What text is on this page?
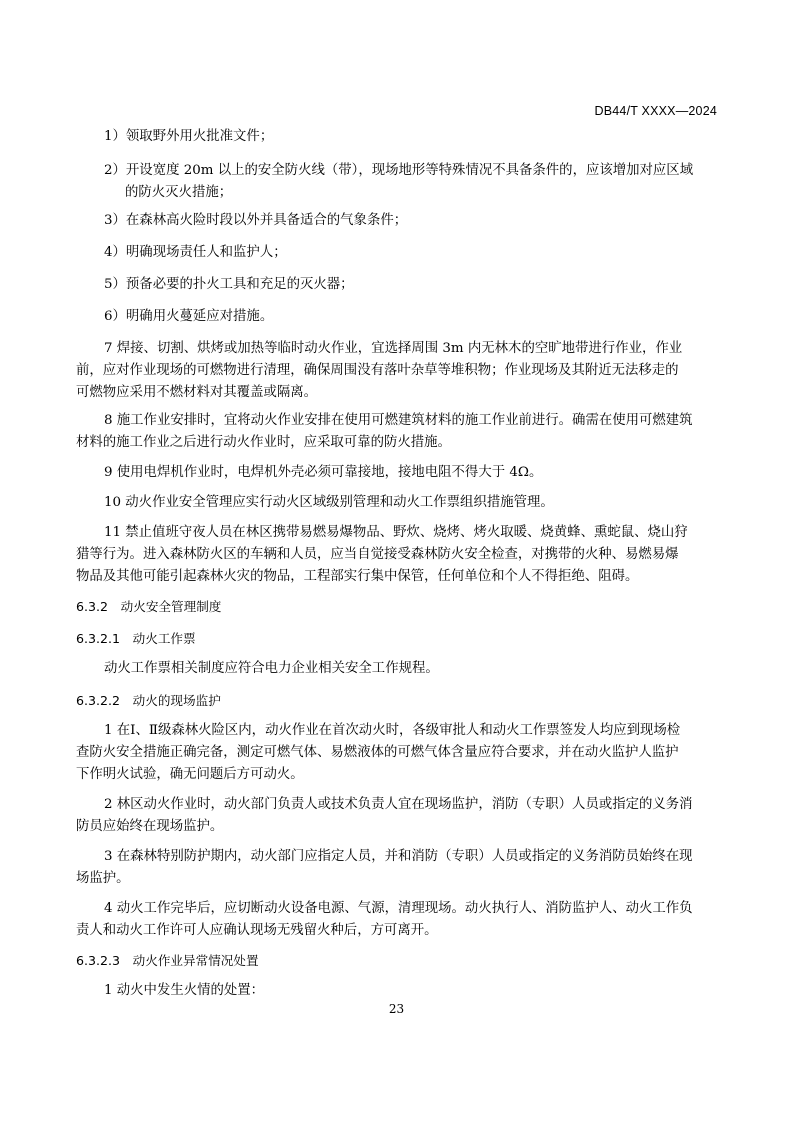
DB44/T XXXX—2024
1）领取野外用火批准文件；
2）开设宽度 20m 以上的安全防火线（带），现场地形等特殊情况不具备条件的，应该增加对应区域
的防火灭火措施；
3）在森林高火险时段以外并具备适合的气象条件；
4）明确现场责任人和监护人；
5）预备必要的扑火工具和充足的灭火器；
6）明确用火蔓延应对措施。
7 焊接、切割、烘烤或加热等临时动火作业，宜选择周围 3m 内无林木的空旷地带进行作业，作业
前，应对作业现场的可燃物进行清理，确保周围没有落叶杂草等堆积物；作业现场及其附近无法移走的
可燃物应采用不燃材料对其覆盖或隔离。
8 施工作业安排时，宜将动火作业安排在使用可燃建筑材料的施工作业前进行。确需在使用可燃建筑
材料的施工作业之后进行动火作业时，应采取可靠的防火措施。
9 使用电焊机作业时，电焊机外壳必须可靠接地，接地电阻不得大于 4Ω。
10 动火作业安全管理应实行动火区域级别管理和动火工作票组织措施管理。
11 禁止值班守夜人员在林区携带易燃易爆物品、野炊、烧烤、烤火取暖、烧黄蜂、熏蛇鼠、烧山狩
猎等行为。进入森林防火区的车辆和人员，应当自觉接受森林防火安全检查，对携带的火种、易燃易爆
物品及其他可能引起森林火灾的物品，工程部实行集中保管，任何单位和个人不得拒绝、阻碍。
6.3.2　动火安全管理制度
6.3.2.1　动火工作票
动火工作票相关制度应符合电力企业相关安全工作规程。
6.3.2.2　动火的现场监护
1 在Ⅰ、Ⅱ级森林火险区内，动火作业在首次动火时，各级审批人和动火工作票签发人均应到现场检
查防火安全措施正确完备，测定可燃气体、易燃液体的可燃气体含量应符合要求，并在动火监护人监护
下作明火试验，确无问题后方可动火。
2 林区动火作业时，动火部门负责人或技术负责人宜在现场监护，消防（专职）人员或指定的义务消
防员应始终在现场监护。
3 在森林特别防护期内，动火部门应指定人员，并和消防（专职）人员或指定的义务消防员始终在现
场监护。
4 动火工作完毕后，应切断动火设备电源、气源，清理现场。动火执行人、消防监护人、动火工作负
责人和动火工作许可人应确认现场无残留火种后，方可离开。
6.3.2.3　动火作业异常情况处置
1 动火中发生火情的处置：
23
